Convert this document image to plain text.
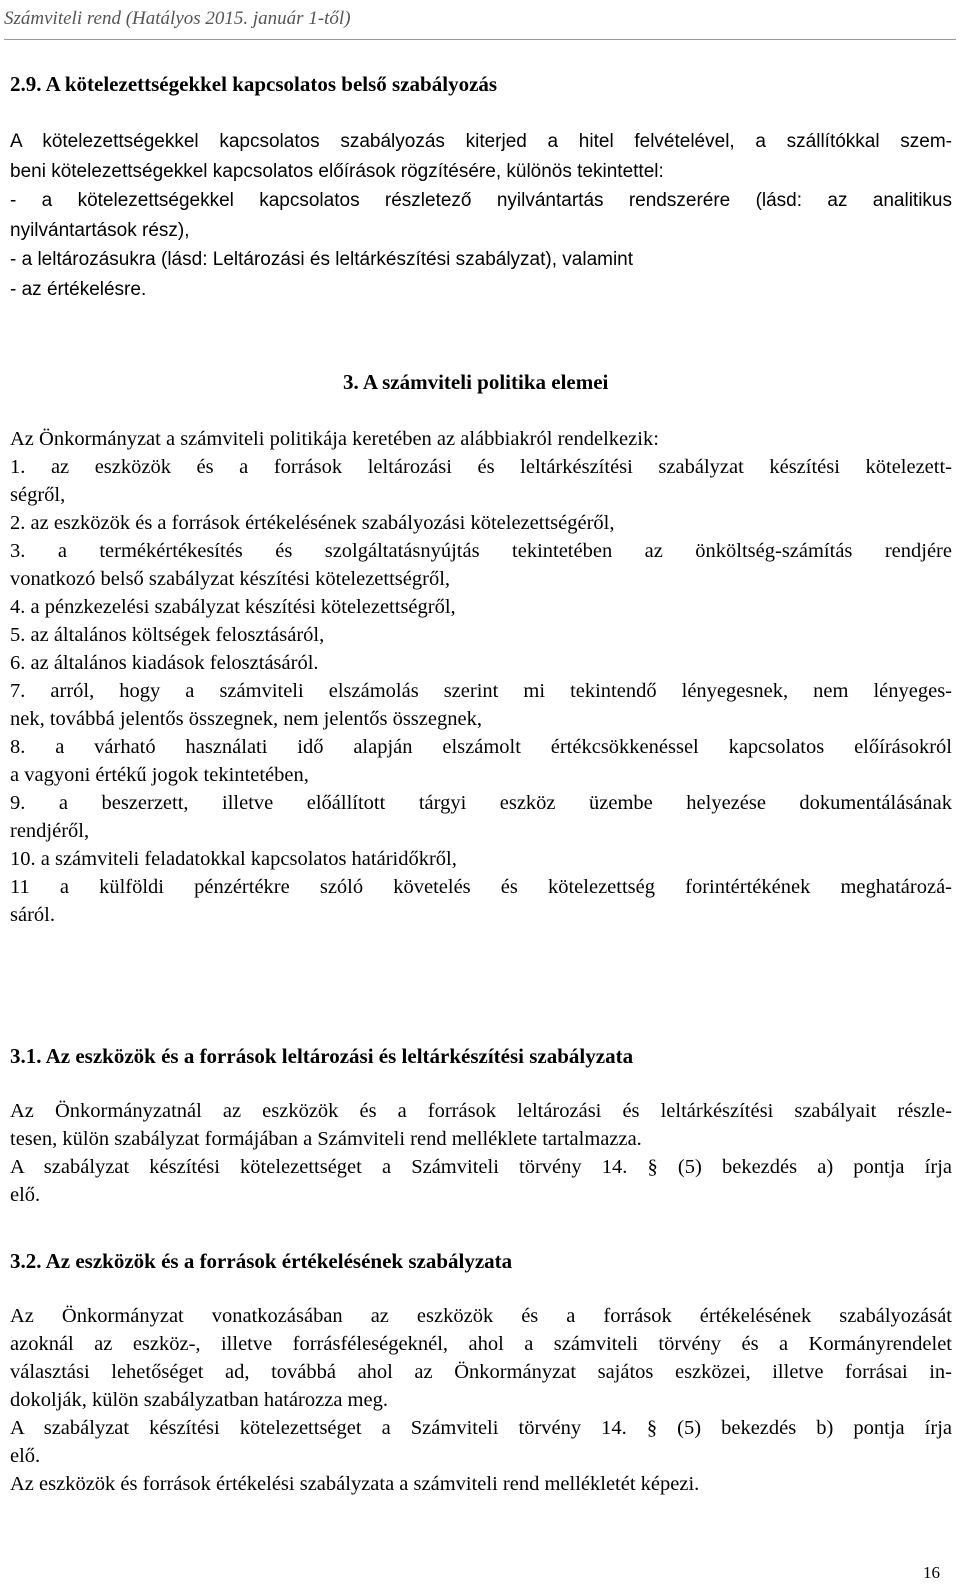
Számviteli rend (Hatályos 2015. január 1-től)
2.9. A kötelezettségekkel kapcsolatos belső szabályozás
A kötelezettségekkel kapcsolatos szabályozás kiterjed a hitel felvételével, a szállítókkal szem-
beni kötelezettségekkel kapcsolatos előírások rögzítésére, különös tekintettel:
- a kötelezettségekkel kapcsolatos részletező nyilvántartás rendszerére (lásd: az analitikus
nyilvántartások rész),
- a leltározásukra (lásd: Leltározási és leltárkészítési szabályzat), valamint
- az értékelésre.
3. A számviteli politika elemei
Az Önkormányzat a számviteli politikája keretében az alábbiakról rendelkezik:
1. az eszközök és a források leltározási és leltárkészítési szabályzat készítési kötelezett-
ségről,
2. az eszközök és a források értékelésének szabályozási kötelezettségéről,
3. a termékértékesítés és szolgáltatásnyújtás tekintetében az önköltség-számítás rendjére
vonatkozó belső szabályzat készítési kötelezettségről,
4. a pénzkezelési szabályzat készítési kötelezettségről,
5. az általános költségek felosztásáról,
6. az általános kiadások felosztásáról.
7. arról, hogy a számviteli elszámolás szerint mi tekintendő lényegesnek, nem lényeges-
nek, továbbá jelentős összegnek, nem jelentős összegnek,
8. a várható használati idő alapján elszámolt értékcsökkenéssel kapcsolatos előírásokról
a vagyoni értékű jogok tekintetében,
9. a beszerzett, illetve előállított tárgyi eszköz üzembe helyezése dokumentálásának
rendjéről,
10. a számviteli feladatokkal kapcsolatos határidőkről,
11 a külföldi pénzértékre szóló követelés és kötelezettség forintértékének meghatározá-
sáról.
3.1. Az eszközök és a források leltározási és leltárkészítési szabályzata
Az Önkormányzatnál az eszközök és a források leltározási és leltárkészítési szabályait részle-
tesen, külön szabályzat formájában a Számviteli rend melléklete tartalmazza.
A szabályzat készítési kötelezettséget a Számviteli törvény 14. § (5) bekezdés a) pontja írja
elő.
3.2. Az eszközök és a források értékelésének szabályzata
Az Önkormányzat vonatkozásában az eszközök és a források értékelésének szabályozását
azoknál az eszköz-, illetve forrásféleségeknél, ahol a számviteli törvény és a Kormányrendelet
választási lehetőséget ad, továbbá ahol az Önkormányzat sajátos eszközei, illetve forrásai in-
dokolják, külön szabályzatban határozza meg.
A szabályzat készítési kötelezettséget a Számviteli törvény 14. § (5) bekezdés b) pontja írja
elő.
Az eszközök és források értékelési szabályzata a számviteli rend mellékletét képezi.
16
